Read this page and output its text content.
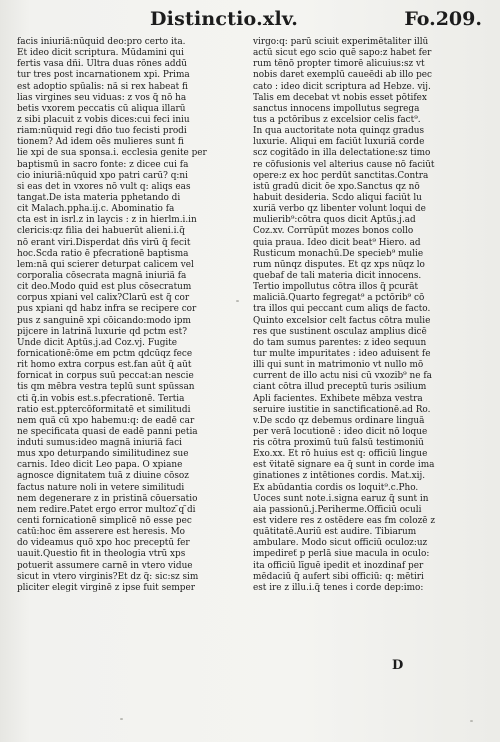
Distinctio.xlv.	Fo.209.
facis iniuriã:nūquid deo:pro certo ita.
Et ideo dicit scriptura. Mūdamini qui
fertis vasa dñi. Ultra duas rōnes addū
tur tres post incarnationem xpi. Prima
est adoptio spūalis: nã si rex habeat fi
lias virgines seu viduas: z vos q̃ nō ha
betis vxorem peccatis cū aliqua illarū
z sibi placuit z vobis dices:cui feci iniu
riam:nūquid regi dño tuo fecisti prodi
tionem? Ad idem oēs mulieres sunt fi
lie xpi de sua sponsa.i. ecclesia genite per
baptismū in sacro fonte: z dicee cui fa
cio iniuriã:nūquid xpo patri carū? q:ni
si eas det in vxores nō vult q: aliqs eas
tangat.De ista materia pphetando di
cit Malach.pph̃a.ij.c. Abominatio fa
cta est in isrl̃.z in laycis : z in hierl̃m.i.in
clericis:qz filia dei habuerūt alieni.i.q̃
nō erant viri.Disperdat dñs virū q̃ fecit
hoc.Scda ratio ē pfecrationē baptisma
lem:nā qui scierer deturpat calicem vel
corporalia cōsecrata magnā iniuriã fa
cit deo.Modo quid est plus cōsecratum
corpus xpiani vel calix?Clarū est q̃ cor
pus xpiani qd habz infra se recipere cor
pus z sanguinē xpi cōicando:modo ipm
pijcere in latrinã luxurie qd pctm est?
Unde dicit Aptūs.j.ad Coz.vj. Fugite
fornicationē:ōme em pctm qdcūqz fece
rit homo extra corpus est.fan aūt q̃ aūt
fornicat in corpus suū peccat:an nescie
tis qm mēbra vestra teplū sunt spūssan
cti q̃.in vobis est.s.pfecrationē. Tertia
ratio est.pptercōformitatē et similitudi
nem quã cū xpo habemu:q: de eadē car
ne specificata quasi de eadē panni petia
induti sumus:ideo magnã iniuriã faci
mus xpo deturpando similitudinez sue
carnis. Ideo dicit Leo papa. O xpiane
agnosce dignitatem tuā z diuine cōsoz
factus nature noli in vetere similitudi
nem degenerare z in pristinã cōuersatio
nem redire.Patet ergo error multoz ̃q ̃di
centi fornicationē simplicē nō esse pec
catū:hoc ẽm asserere est heresis. Mo
do videamus quõ xpo hoc preceptū fer
uauit.Questio fit in theologia vtrū xps
potuerit assumere carnē in vtero vidue
sicut in vtero virginis?Et dz q̃: sic:sz sim
pliciter elegit virginē z ipse fuit semper
virgo:q: parū sciuit experimētaliter illū
actū sicut ego scio quē sapo:z habet fer
rum tēnō propter timorē alicuius:sz vt
nobis daret exemplū caueēdi ab illo pec
cato : ideo dicit scriptura ad Hebze. vij.
Talis em decebat vt nobis esset pōtifex
sanctus innocens impollutus segrega
tus a pctōribus z excelsior celis fact⁹.
In qua auctoritate nota quinqz gradus
luxurie. Aliqui em faciūt luxuriã corde
scz cogitādo in illa delectatione:sz timo
re cōfusionis vel alterius cause nō faciūt
opere:z ex hoc perdūt sanctitas.Contra
istū gradū dicit ōe xpo.Sanctus qz nō
habuit desideria. Scdo aliqui faciūt lu
xuriã verbo qz libenter volunt loqui de
mulierib⁹:cōtra quos dicit Aptūs.j.ad
Coz.xv. Corrūpūt mozes bonos collo
quia praua. Ideo dicit beat⁹ Hiero. ad
Rusticum monachū.De specieb⁹ mulie
rum nūnqz disputes. Et qz xps nūqz lo
quebaf de tali materia dicit innocens.
Tertio impollutus cōtra illos q̃ pcurāt
maliciā.Quarto fegregat⁹ a pctōrib⁹ cō
tra illos qui peccant cum aliqs de facto.
Quinto excelsior celt factus cōtra mulie
res que sustinent osculaz amplius dicē
do tam sumus parentes: z ideo sequun
tur multe impuritates : ideo aduisent fe
illi qui sunt in matrimonio vt nullo mō
current de illo actu nisi cū vxozib⁹ ne fa
ciant cōtra illud preceptū turis ɔsilium
Apl̃i facientes. Exhibete mēbza vestra
seruire iustitie in sanctificationē.ad Ro.
v.De scdo qz debemus ordinare linguã
per verā locutionē : ideo dicit nō loque
ris cōtra proximū tuū falsū testimoniū
Exo.xx. Et rō huius est q: officiū lingue
est ṽitatē signare ea q̃ sunt in corde ima
ginationes z intētiones cordis. Mat.xij.
Ex abūdantia cordis os loquit⁹.c.Pho.
Uoces sunt note.i.signa earuz q̃ sunt in
aia passionū.j.Periherme.Officiū oculi
est videre res z ostēdere eas fm colozē z
quātitatē.Auriū est audire. Tibiarum
ambulare. Modo sicut officiū oculoz:uz
impedireť p perlā siue macula in oculo:
ita officiū līguē ipedit et inozdinaf per
mēdaciū q̃ aufert sibi officiū: q: mētiri
est ire z illu.i.q̃ tenes i corde dep:imo:
D
